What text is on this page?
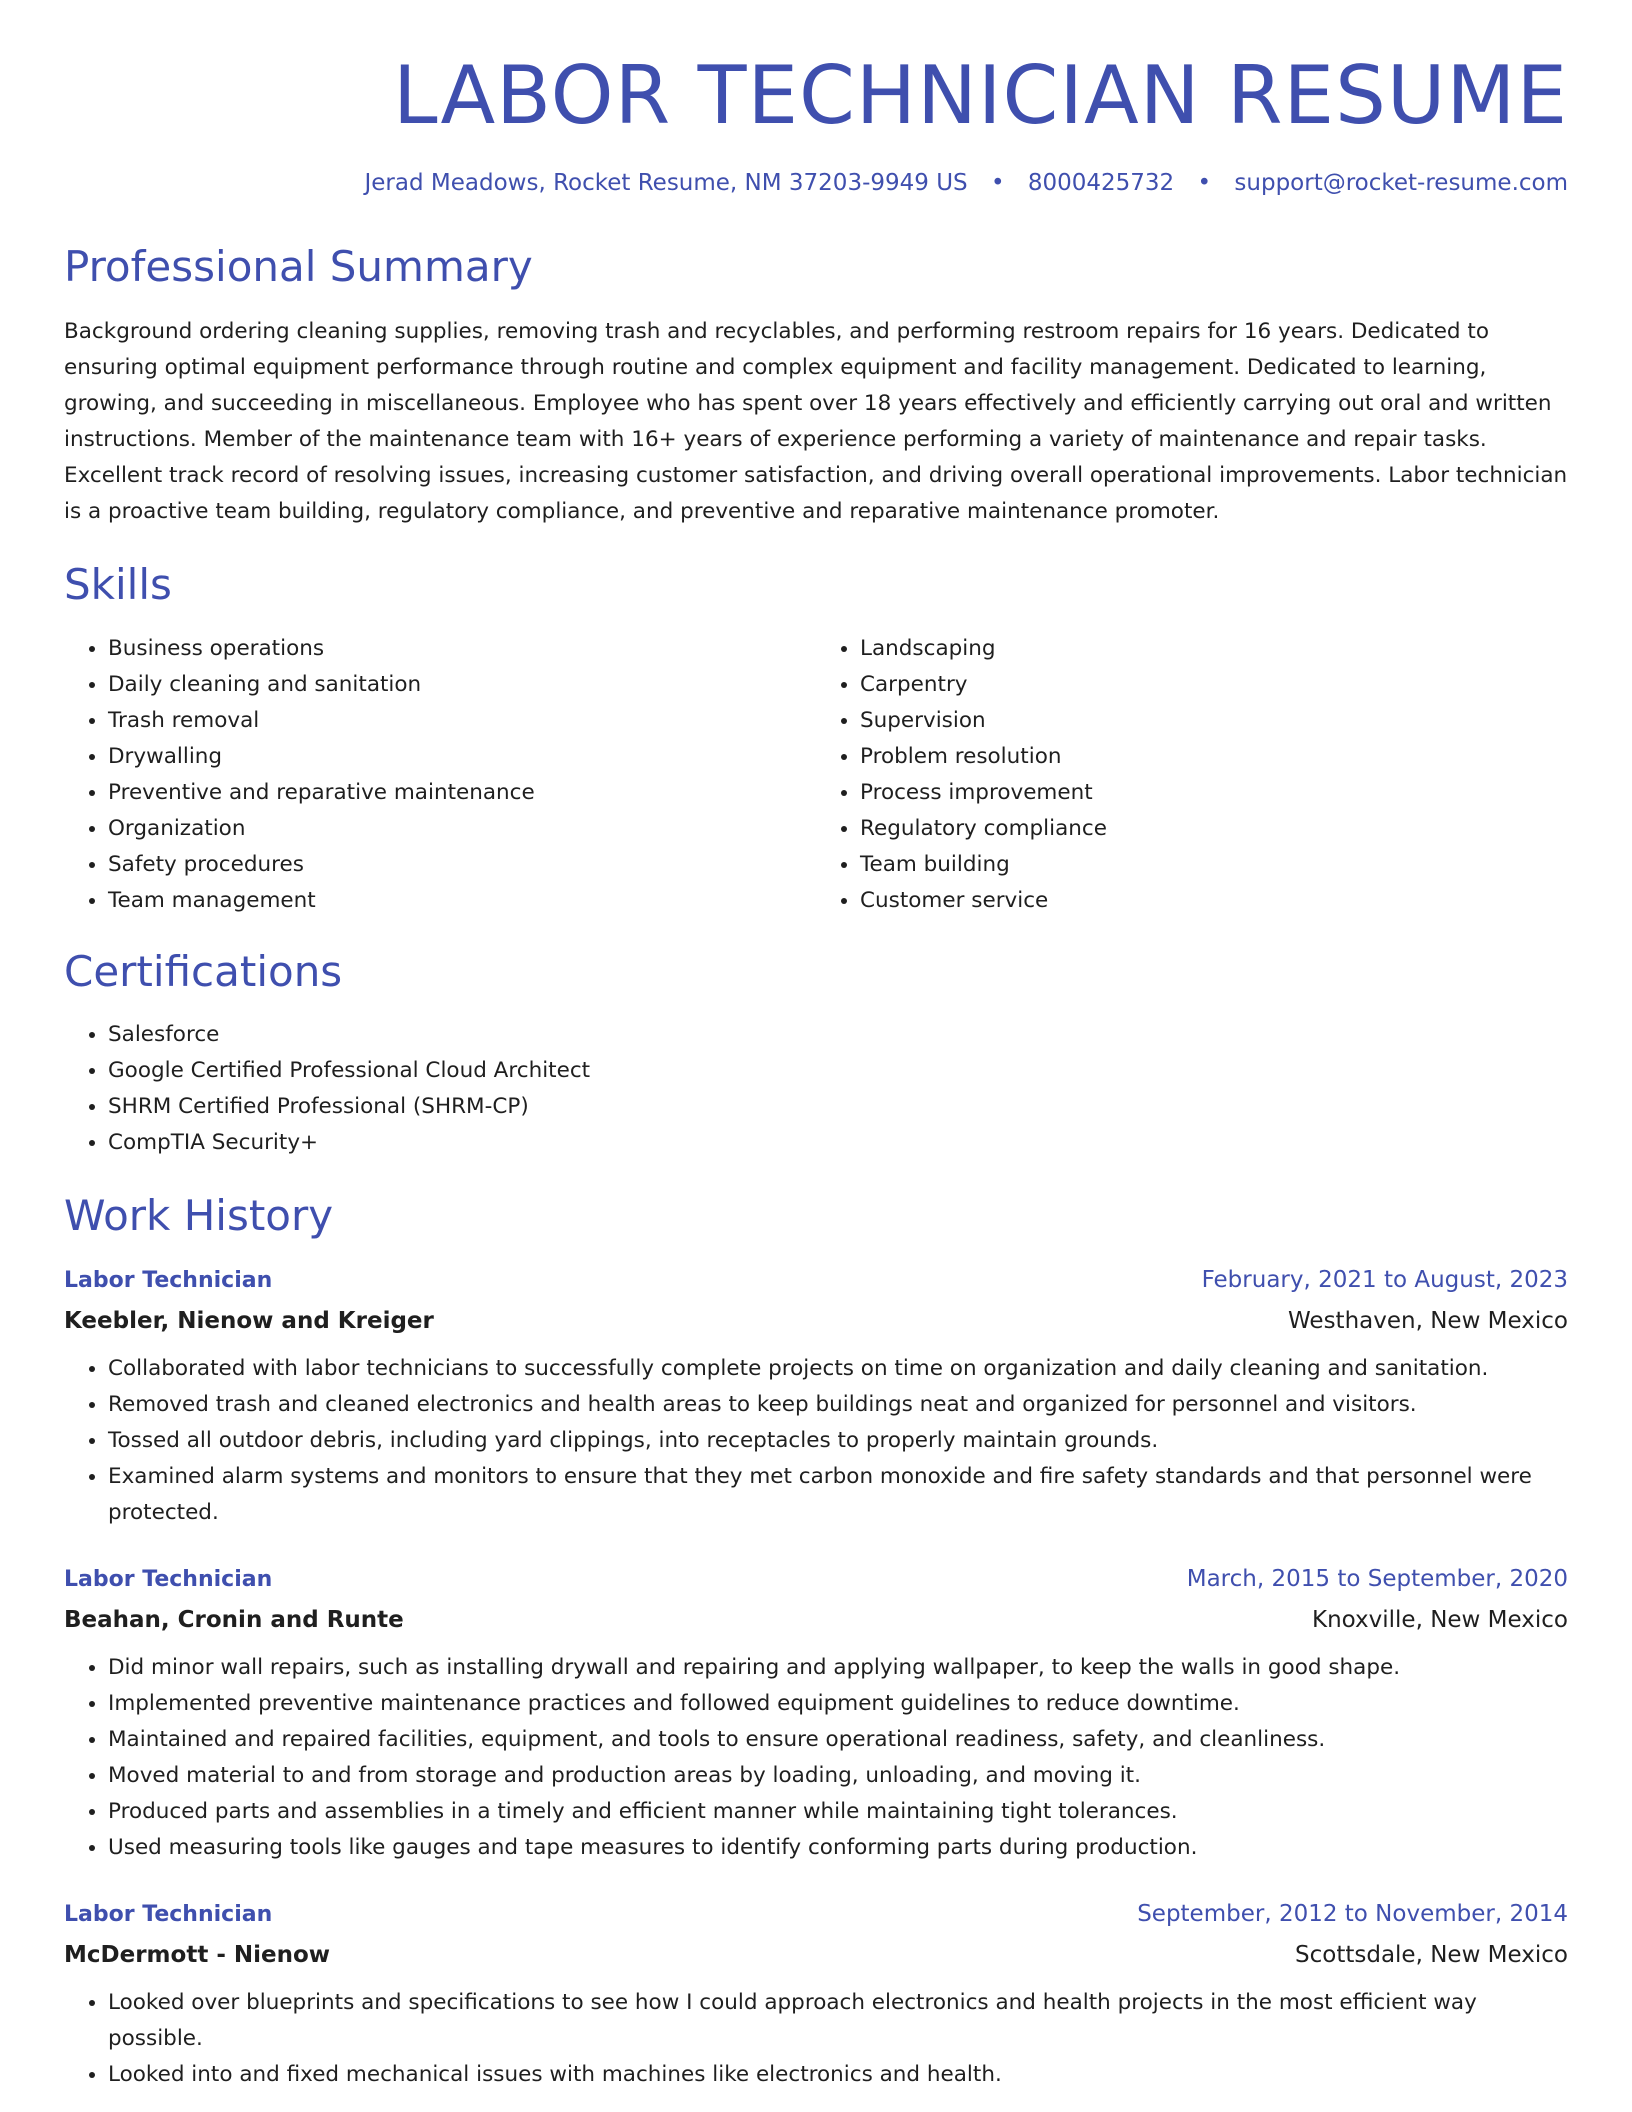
LABOR TECHNICIAN RESUME
Jerad Meadows, Rocket Resume, NM 37203-9949 US • 8000425732 • support@rocket-resume.com
Professional Summary

Background ordering cleaning supplies, removing trash and recyclables, and performing restroom repairs for 16 years. Dedicated to ensuring optimal equipment performance through routine and complex equipment and facility management. Dedicated to learning, growing, and succeeding in miscellaneous. Employee who has spent over 18 years effectively and efficiently carrying out oral and written instructions. Member of the maintenance team with 16+ years of experience performing a variety of maintenance and repair tasks. Excellent track record of resolving issues, increasing customer satisfaction, and driving overall operational improvements. Labor technician is a proactive team building, regulatory compliance, and preventive and reparative maintenance promoter.

Skills
• Business operations
• Daily cleaning and sanitation
• Trash removal
• Drywalling
• Preventive and reparative maintenance
• Organization
• Safety procedures
• Team management
• Landscaping
• Carpentry
• Supervision
• Problem resolution
• Process improvement
• Regulatory compliance
• Team building
• Customer service
Certifications
• Salesforce
• Google Certified Professional Cloud Architect
• SHRM Certified Professional (SHRM-CP)
• CompTIA Security+
Work History
Labor Technician	February, 2021 to August, 2023
Keebler, Nienow and Kreiger	Westhaven, New Mexico
• Collaborated with labor technicians to successfully complete projects on time on organization and daily cleaning and sanitation.
• Removed trash and cleaned electronics and health areas to keep buildings neat and organized for personnel and visitors.
• Tossed all outdoor debris, including yard clippings, into receptacles to properly maintain grounds.
• Examined alarm systems and monitors to ensure that they met carbon monoxide and fire safety standards and that personnel were protected.
Labor Technician	March, 2015 to September, 2020
Beahan, Cronin and Runte	Knoxville, New Mexico
• Did minor wall repairs, such as installing drywall and repairing and applying wallpaper, to keep the walls in good shape.
• Implemented preventive maintenance practices and followed equipment guidelines to reduce downtime.
• Maintained and repaired facilities, equipment, and tools to ensure operational readiness, safety, and cleanliness.
• Moved material to and from storage and production areas by loading, unloading, and moving it.
• Produced parts and assemblies in a timely and efficient manner while maintaining tight tolerances.
• Used measuring tools like gauges and tape measures to identify conforming parts during production.
Labor Technician	September, 2012 to November, 2014
McDermott - Nienow	Scottsdale, New Mexico
• Looked over blueprints and specifications to see how I could approach electronics and health projects in the most efficient way possible.
• Looked into and fixed mechanical issues with machines like electronics and health.
